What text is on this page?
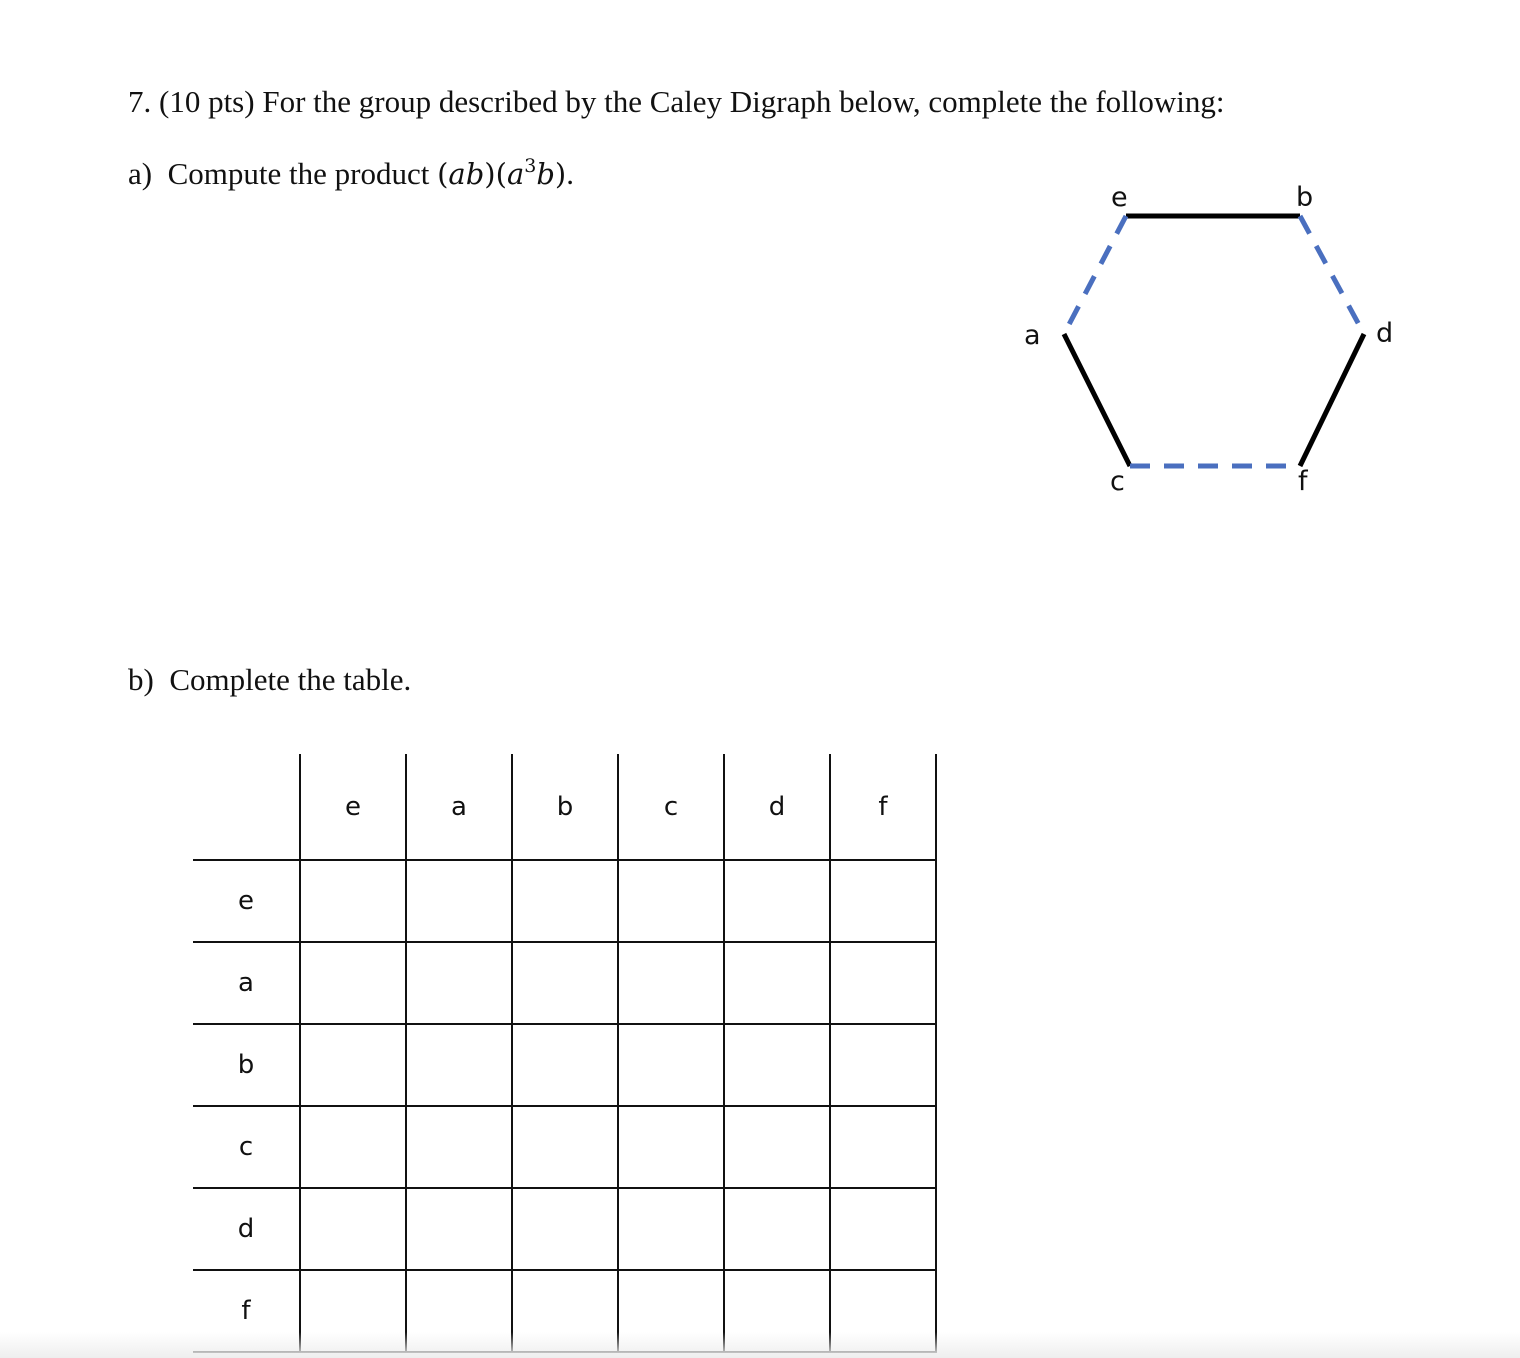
7. (10 pts) For the group described by the Caley Digraph below, complete the following:
a) Compute the product $(ab)(a^3b)$.
e	b
a	d
c	f
b) Complete the table.
	e	a	b	c	d	f
e						
a						
b						
c						
d						
f						
